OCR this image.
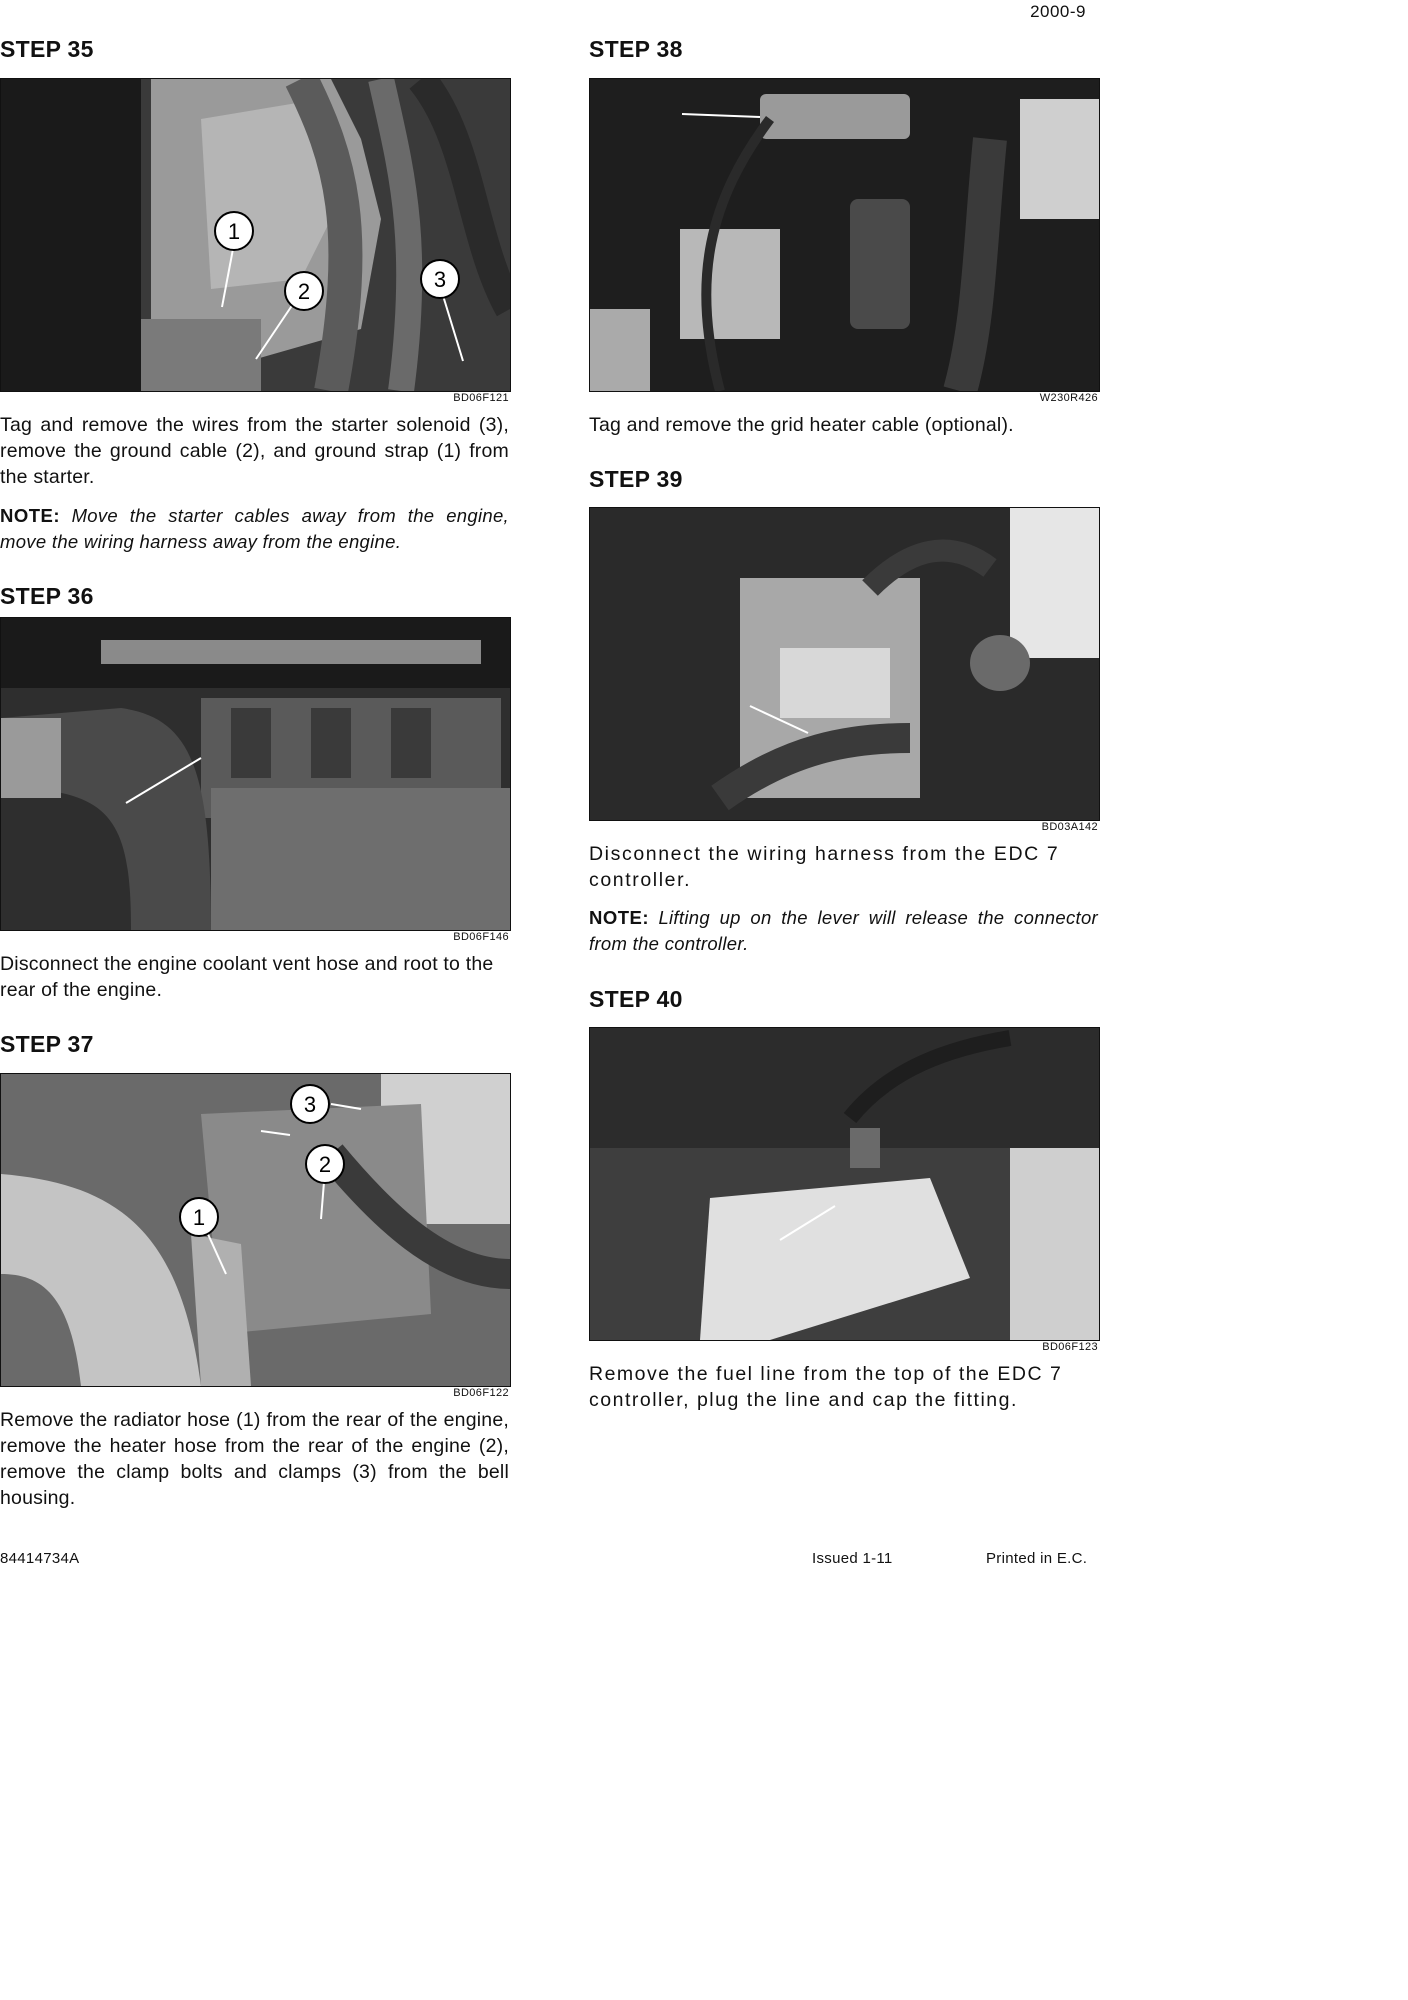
2000-9
STEP 35
1
2	3
BD06F121
Tag and remove the wires from the starter solenoid (3), remove the ground cable (2), and ground strap (1) from the starter.
NOTE: Move the starter cables away from the engine, move the wiring harness away from the engine.
STEP 36
BD06F146
Disconnect the engine coolant vent hose and root to the rear of the engine.
STEP 37
3
2
1
BD06F122
Remove the radiator hose (1) from the rear of the engine, remove the heater hose from the rear of the engine (2), remove the clamp bolts and clamps (3) from the bell housing.
STEP 38
W230R426
Tag and remove the grid heater cable (optional).
STEP 39
BD03A142
Disconnect the wiring harness from the EDC 7 controller.
NOTE: Lifting up on the lever will release the connector from the controller.
STEP 40
BD06F123
Remove the fuel line from the top of the EDC 7 controller, plug the line and cap the fitting.
84414734A	Issued 1-11	Printed in E.C.
